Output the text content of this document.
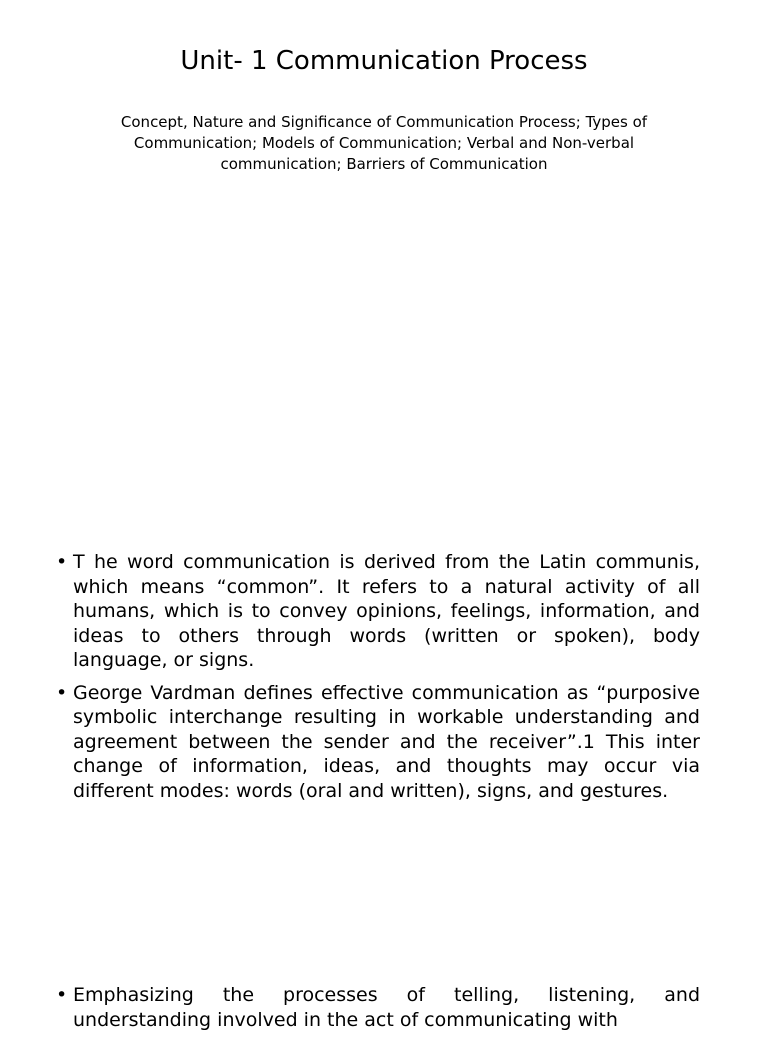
Unit- 1 Communication Process
Concept, Nature and Significance of Communication Process; Types of Communication; Models of Communication; Verbal and Non-verbal communication; Barriers of Communication
• T he word communication is derived from the Latin communis, which means “common”. It refers to a natural activity of all humans, which is to convey opinions, feelings, information, and ideas to others through words (written or spoken), body language, or signs.
• George Vardman defines effective communication as “purposive symbolic interchange resulting in workable understanding and agreement between the sender and the receiver”.1 This inter change of information, ideas, and thoughts may occur via different modes: words (oral and written), signs, and gestures.
• Emphasizing the processes of telling, listening, and understanding involved in the act of communicating with
